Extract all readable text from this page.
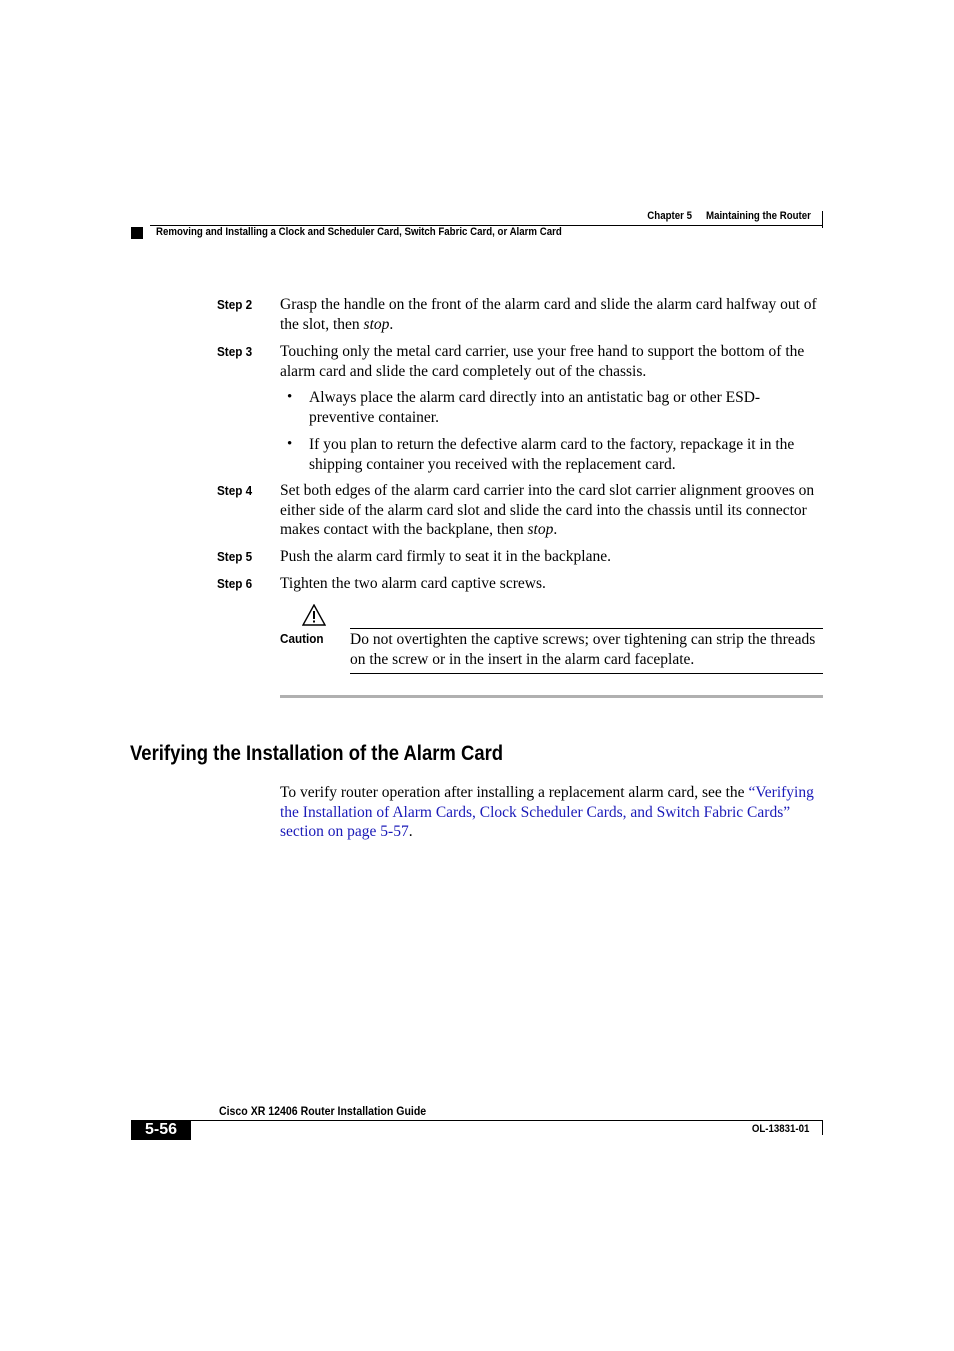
Chapter 5 Maintaining the Router
Removing and Installing a Clock and Scheduler Card, Switch Fabric Card, or Alarm Card
Step 2 Grasp the handle on the front of the alarm card and slide the alarm card halfway out of the slot, then stop.
Step 3 Touching only the metal card carrier, use your free hand to support the bottom of the alarm card and slide the card completely out of the chassis.
• Always place the alarm card directly into an antistatic bag or other ESD-preventive container.
• If you plan to return the defective alarm card to the factory, repackage it in the shipping container you received with the replacement card.
Step 4 Set both edges of the alarm card carrier into the card slot carrier alignment grooves on either side of the alarm card slot and slide the card into the chassis until its connector makes contact with the backplane, then stop.
Step 5 Push the alarm card firmly to seat it in the backplane.
Step 6 Tighten the two alarm card captive screws.
Caution Do not overtighten the captive screws; over tightening can strip the threads on the screw or in the insert in the alarm card faceplate.
Verifying the Installation of the Alarm Card
To verify router operation after installing a replacement alarm card, see the “Verifying the Installation of Alarm Cards, Clock Scheduler Cards, and Switch Fabric Cards” section on page 5-57.
Cisco XR 12406 Router Installation Guide
5-56	OL-13831-01
